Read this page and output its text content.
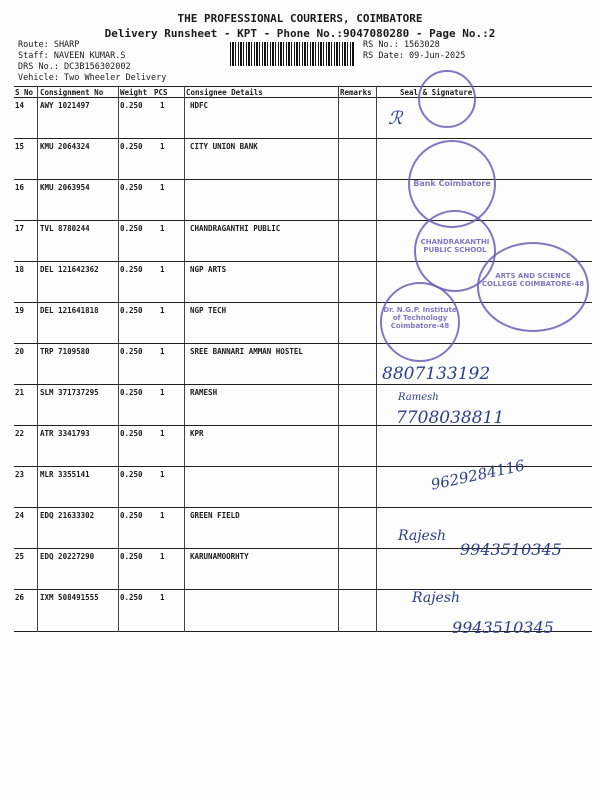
THE PROFESSIONAL COURIERS, COIMBATORE
Delivery Runsheet - KPT - Phone No.:9047080280 - Page No.:2
Route: SHARP
Staff: NAVEEN KUMAR.S
DRS No.: DC3B156302002
Vehicle: Two Wheeler Delivery
RS No.: 1563028
RS Date: 09-Jun-2025
S No Consignment No Weight PCS Consignee Details	Remarks	Seal & Signature
14 AWY 1021497	0.250 1	HDFC
15 KMU 2064324	0.250 1	CITY UNION BANK
16 KMU 2063954	0.250 1
17 TVL 8780244	0.250 1	CHANDRAGANTHI PUBLIC
18 DEL 121642362	0.250 1	NGP ARTS
19 DEL 121641818	0.250 1	NGP TECH
20 TRP 7109580	0.250 1	SREE BANNARI AMMAN HOSTEL
21 SLM 371737295	0.250 1	RAMESH
22 ATR 3341793	0.250 1	KPR
23 MLR 3355141	0.250 1
24 EDQ 21633302	0.250 1	GREEN FIELD
25 EDQ 20227290	0.250 1	KARUNAMOORHTY
26 IXM 508491555	0.250 1
Bank Coimbatore
CHANDRAKANTHI PUBLIC SCHOOL
ARTS AND SCIENCE COLLEGE COIMBATORE-48
Dr. N.G.P. Institute of Technology Coimbatore-48
ℛ
8807133192
Ramesh
7708038811
9629284116
Rajesh
9943510345
Rajesh
9943510345
